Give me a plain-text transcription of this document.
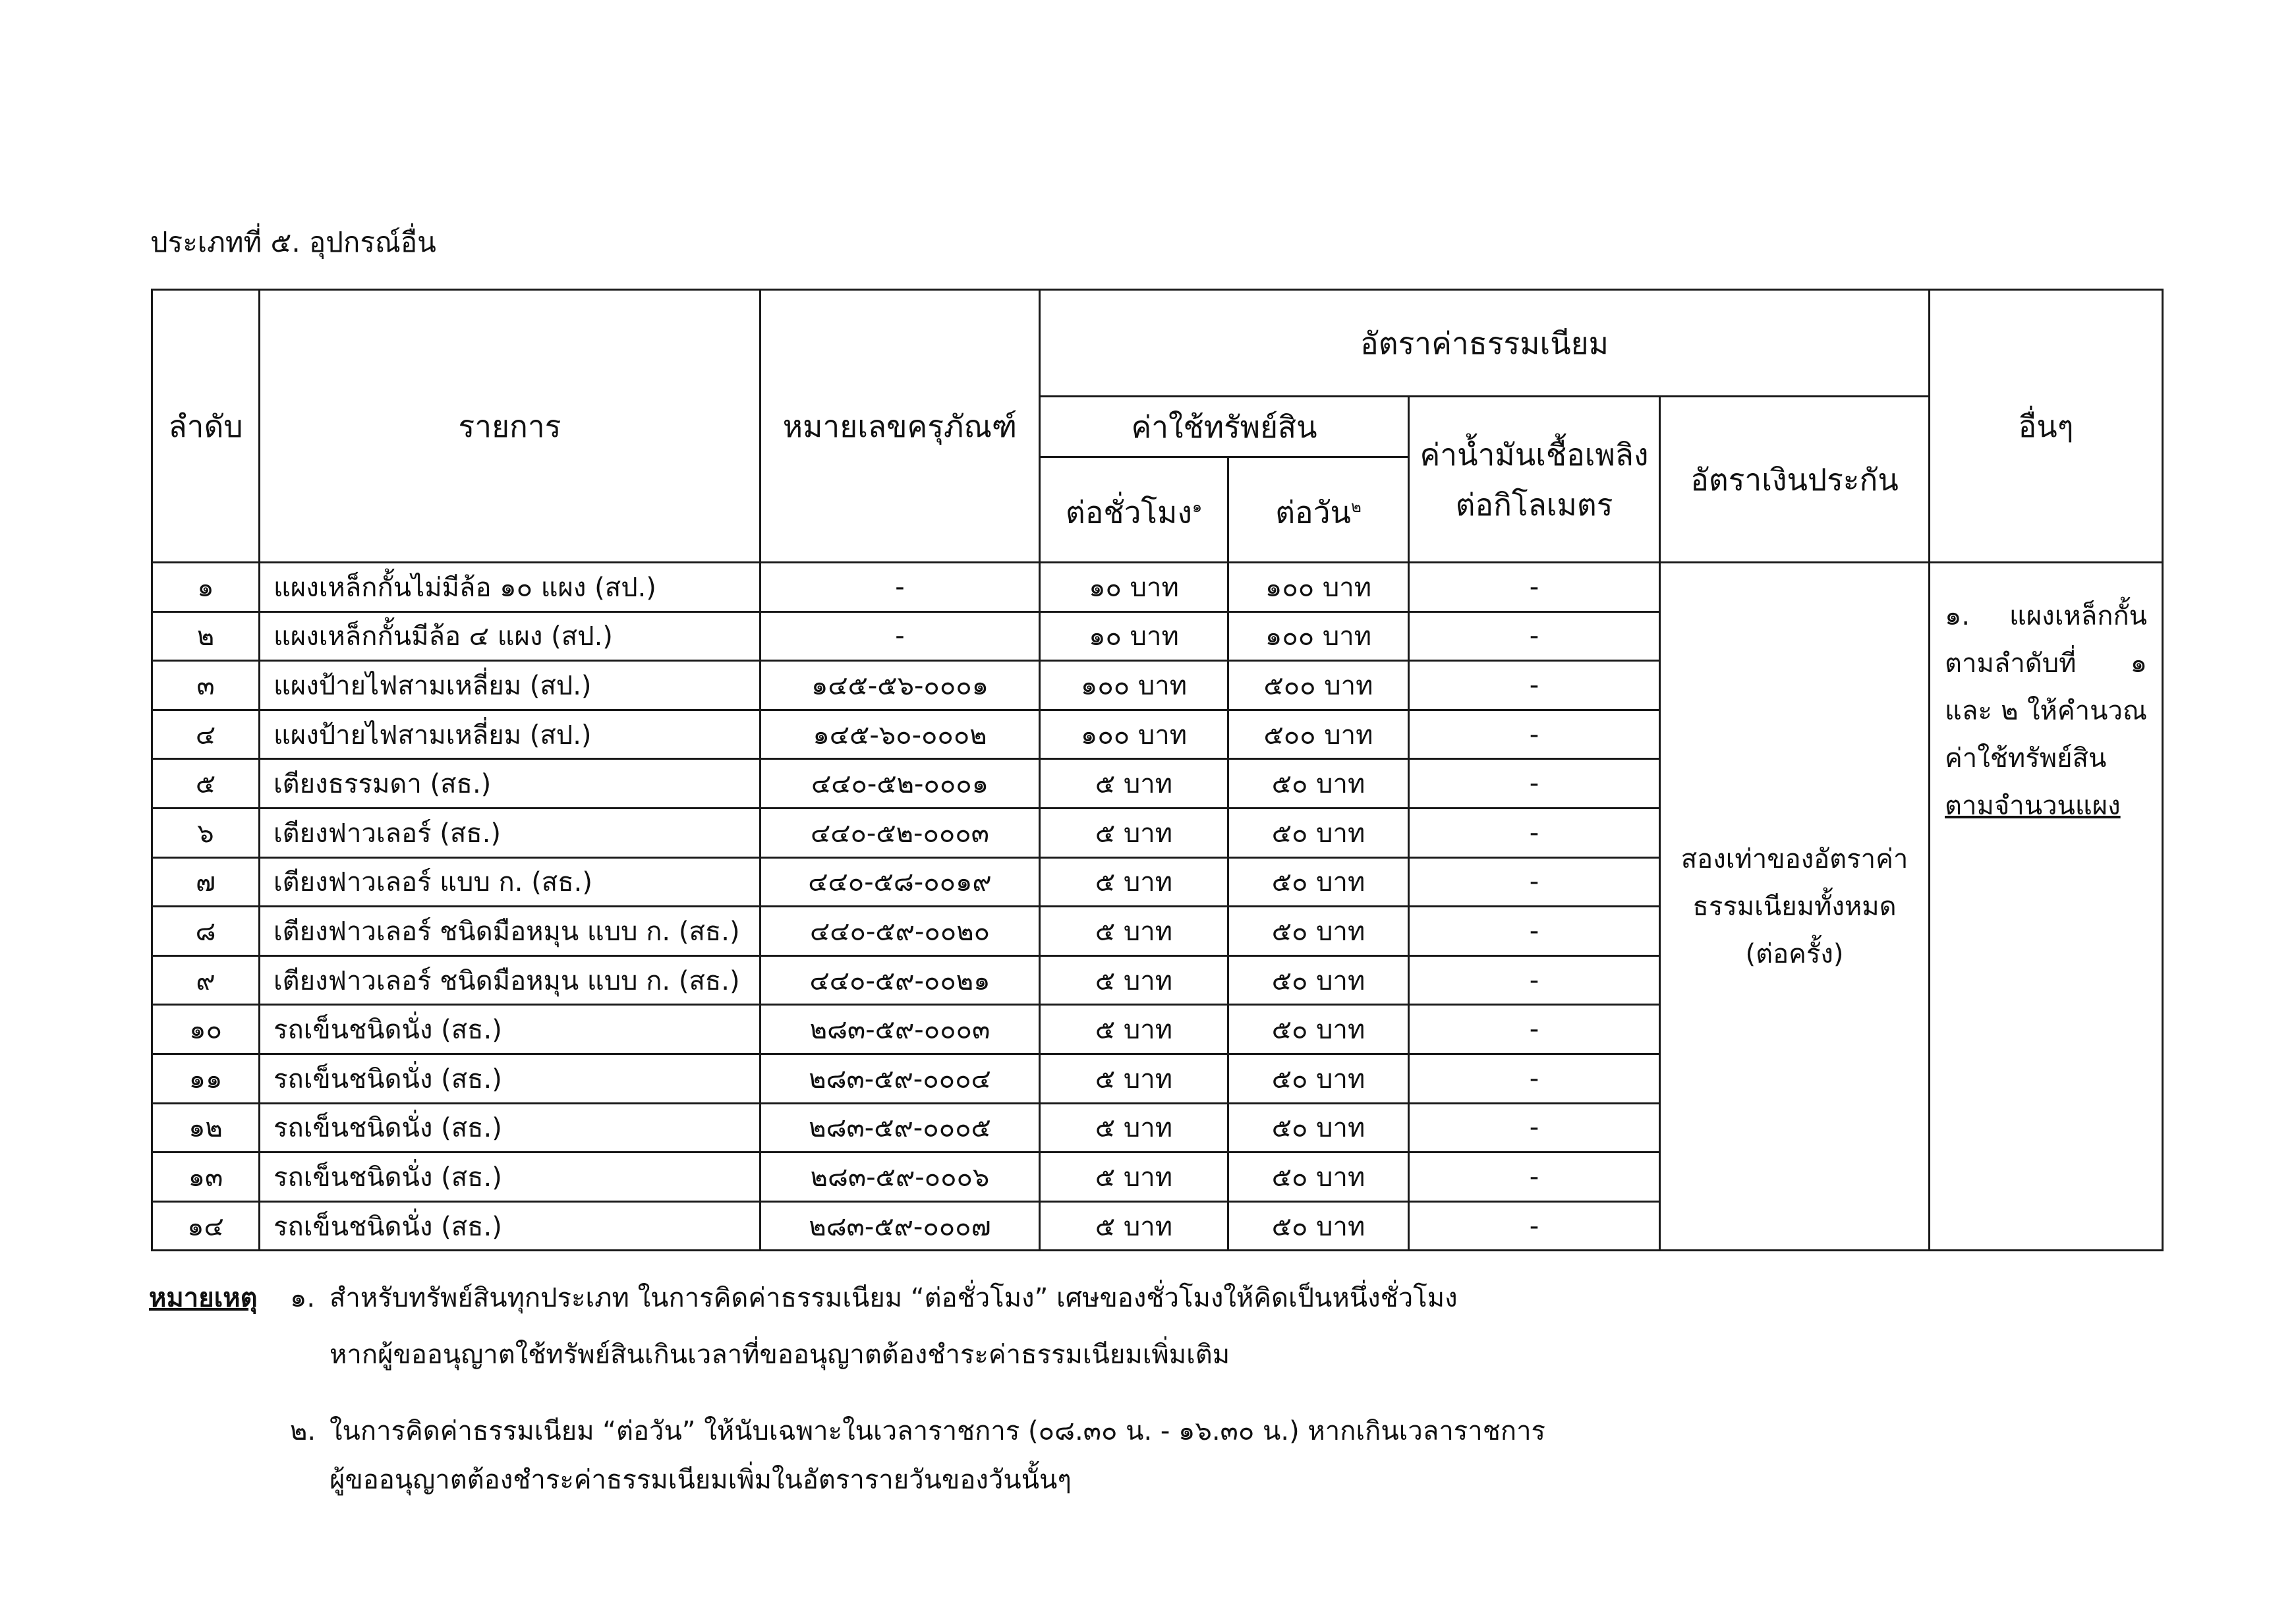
ประเภทที่ ๕. อุปกรณ์อื่น
ลำดับ	รายการ	หมายเลขครุภัณฑ์	อัตราค่าธรรมเนียม				อื่นๆ
			ค่าใช้ทรัพย์สิน		ค่าน้ำมันเชื้อเพลิงต่อกิโลเมตร	อัตราเงินประกัน	
			ต่อชั่วโมง$^๑$	ต่อวัน$^๒$
๑	แผงเหล็กกั้นไม่มีล้อ ๑๐ แผง (สป.)	-	๑๐ บาท	๑๐๐ บาท	-	สองเท่าของอัตราค่าธรรมเนียมทั้งหมด (ต่อครั้ง)	๑. แผงเหล็กกั้นตามลำดับที่ ๑ และ ๒ ให้คำนวณค่าใช้ทรัพย์สิน
ตามจำนวนแผง
๒	แผงเหล็กกั้นมีล้อ ๔ แผง (สป.)	-	๑๐ บาท	๑๐๐ บาท	-		
๓	แผงป้ายไฟสามเหลี่ยม (สป.)	๑๔๕-๕๖-๐๐๐๑	๑๐๐ บาท	๕๐๐ บาท	-		
๔	แผงป้ายไฟสามเหลี่ยม (สป.)	๑๔๕-๖๐-๐๐๐๒	๑๐๐ บาท	๕๐๐ บาท	-		
๕	เตียงธรรมดา (สธ.)	๔๔๐-๕๒-๐๐๐๑	๕ บาท	๕๐ บาท	-		
๖	เตียงฟาวเลอร์ (สธ.)	๔๔๐-๕๒-๐๐๐๓	๕ บาท	๕๐ บาท	-		
๗	เตียงฟาวเลอร์ แบบ ก. (สธ.)	๔๔๐-๕๘-๐๐๑๙	๕ บาท	๕๐ บาท	-		
๘	เตียงฟาวเลอร์ ชนิดมือหมุน แบบ ก. (สธ.)	๔๔๐-๕๙-๐๐๒๐	๕ บาท	๕๐ บาท	-		
๙	เตียงฟาวเลอร์ ชนิดมือหมุน แบบ ก. (สธ.)	๔๔๐-๕๙-๐๐๒๑	๕ บาท	๕๐ บาท	-		
๑๐	รถเข็นชนิดนั่ง (สธ.)	๒๘๓-๕๙-๐๐๐๓	๕ บาท	๕๐ บาท	-		
๑๑	รถเข็นชนิดนั่ง (สธ.)	๒๘๓-๕๙-๐๐๐๔	๕ บาท	๕๐ บาท	-		
๑๒	รถเข็นชนิดนั่ง (สธ.)	๒๘๓-๕๙-๐๐๐๕	๕ บาท	๕๐ บาท	-		
๑๓	รถเข็นชนิดนั่ง (สธ.)	๒๘๓-๕๙-๐๐๐๖	๕ บาท	๕๐ บาท	-		
๑๔	รถเข็นชนิดนั่ง (สธ.)	๒๘๓-๕๙-๐๐๐๗	๕ บาท	๕๐ บาท	-		
หมายเหตุ ๑. สำหรับทรัพย์สินทุกประเภท ในการคิดค่าธรรมเนียม “ต่อชั่วโมง” เศษของชั่วโมงให้คิดเป็นหนึ่งชั่วโมง
หากผู้ขออนุญาตใช้ทรัพย์สินเกินเวลาที่ขออนุญาตต้องชำระค่าธรรมเนียมเพิ่มเติม
๒. ในการคิดค่าธรรมเนียม “ต่อวัน” ให้นับเฉพาะในเวลาราชการ (๐๘.๓๐ น. - ๑๖.๓๐ น.) หากเกินเวลาราชการ
ผู้ขออนุญาตต้องชำระค่าธรรมเนียมเพิ่มในอัตรารายวันของวันนั้นๆ
